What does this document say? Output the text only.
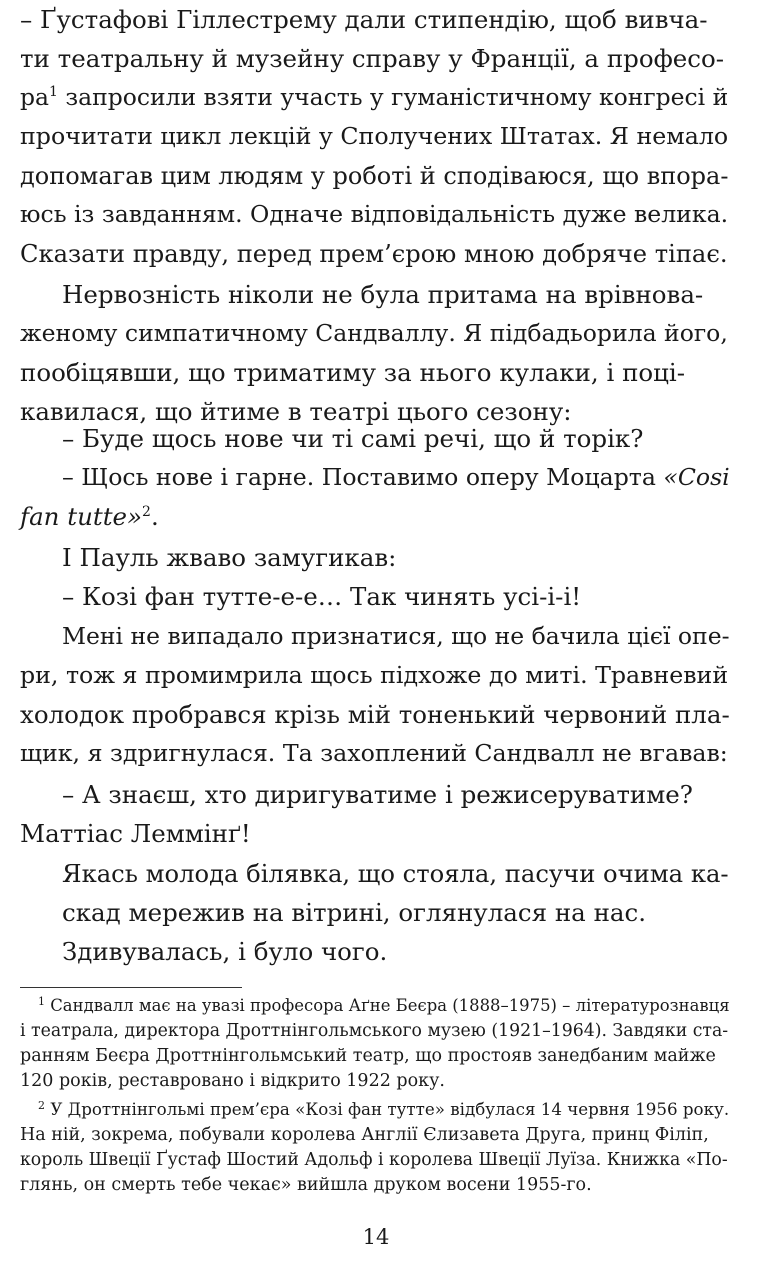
– Ґустафові Гіллестрему дали стипендію, щоб вивча-
ти театральну й музейну справу у Франції, а професо-
$ра^1$ запросили взяти участь у гуманістичному конгресі й
прочитати цикл лекцій у Сполучених Штатах. Я немало
допомагав цим людям у роботі й сподіваюся, що впора-
юсь із завданням. Одначе відповідальність дуже велика.
Сказати правду, перед прем’єрою мною добряче тіпає.
Нервозність ніколи не була притама на врівнова-
женому симпатичному Сандваллу. Я підбадьорила його,
пообіцявши, що триматиму за нього кулаки, і поці-
кавилася, що йтиме в театрі цього сезону:
– Буде щось нове чи ті самі речі, що й торік?
– Щось нове і гарне. Поставимо оперу Моцарта «Cosi
fan tutte»$^2$.
І Пауль жваво замугикав:
– Козі фан тутте-е-е… Так чинять усі-і-і!
Мені не випадало признатися, що не бачила цієї опе-
ри, тож я промимрила щось підхоже до миті. Травневий
холодок пробрався крізь мій тоненький червоний пла-
щик, я здригнулася. Та захоплений Сандвалл не вгавав:
– А знаєш, хто диригуватиме і режисеруватиме?
Маттіас Леммінґ!
Якась молода білявка, що стояла, пасучи очима ка-
скад мережив на вітрині, оглянулася на нас.
Здивувалась, і було чого.
$^1$ Сандвалл має на увазі професора Аґне Беєра (1888–1975) – літературознавця
і театрала, директора Дроттнінгольмського музею (1921–1964). Завдяки ста-
ранням Беєра Дроттнінгольмський театр, що простояв занедбаним майже
120 років, реставровано і відкрито 1922 року.
$^2$ У Дроттнінгольмі прем’єра «Козі фан тутте» відбулася 14 червня 1956 року.
На ній, зокрема, побували королева Англії Єлизавета Друга, принц Філіп,
король Швеції Ґустаф Шостий Адольф і королева Швеції Луїза. Книжка «По-
глянь, он смерть тебе чекає» вийшла друком восени 1955-го.
14
